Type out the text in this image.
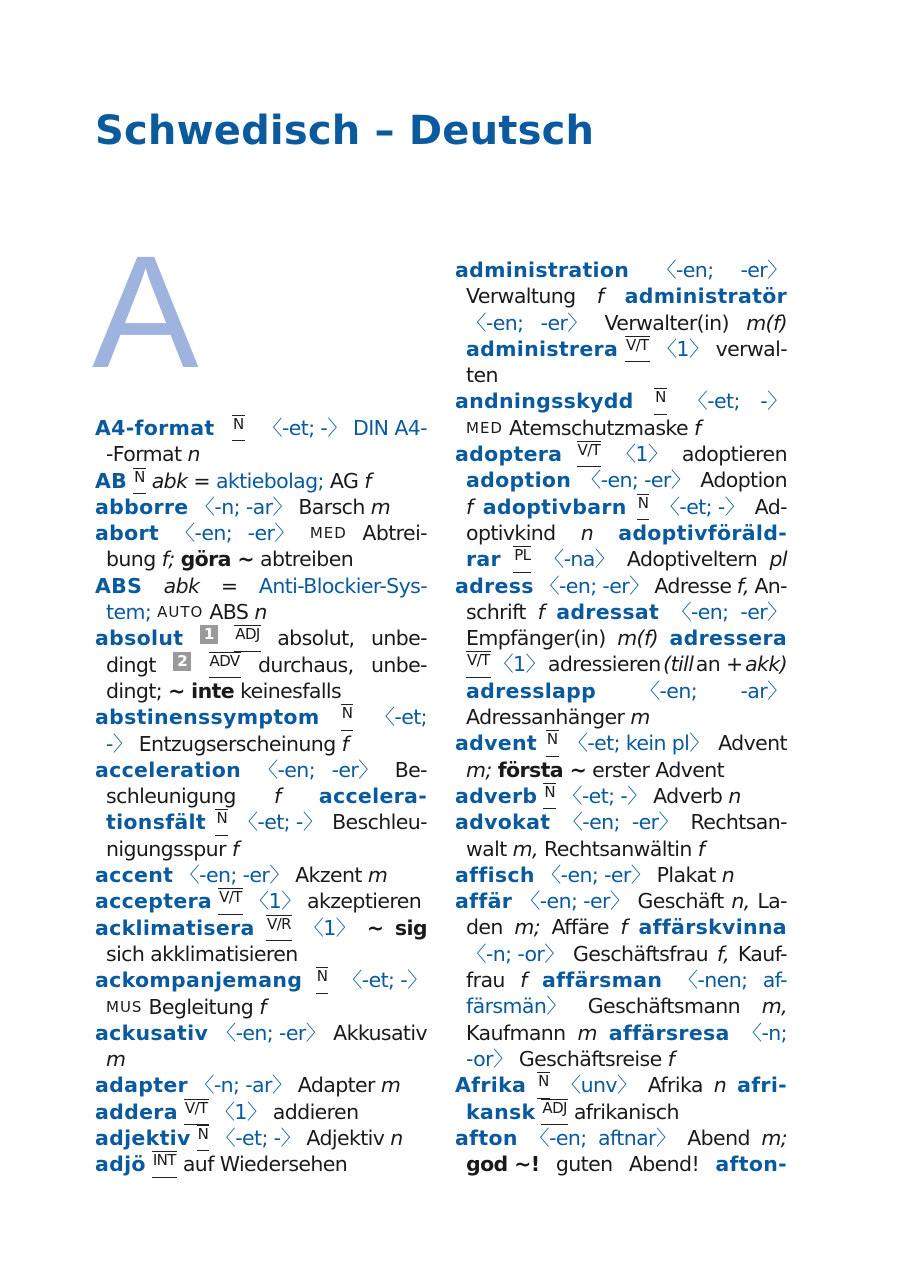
Schwedisch – Deutsch
A
A4-format N 〈-et; -〉 DIN A4-
-Format n
AB N abk = aktiebolag; AG f
abborre 〈-n; -ar〉 Barsch m
abort 〈-en; -er〉 MED Abtrei-
bung f; göra ~ abtreiben
ABS abk = Anti-Blockier-Sys-
tem; AUTO ABS n
absolut 1 ADJ absolut, unbe-
dingt 2 ADV durchaus, unbe-
dingt; ~ inte keinesfalls
abstinenssymptom N 〈-et;
-〉 Entzugserscheinung f
acceleration 〈-en; -er〉 Be-
schleunigung f accelera-
tionsfält N 〈-et; -〉 Beschleu-
nigungsspur f
accent 〈-en; -er〉 Akzent m
acceptera V/T 〈1〉 akzeptieren
acklimatisera V/R 〈1〉 ~ sig
sich akklimatisieren
ackompanjemang N 〈-et; -〉
MUS Begleitung f
ackusativ 〈-en; -er〉 Akkusativ
m
adapter 〈-n; -ar〉 Adapter m
addera V/T 〈1〉 addieren
adjektiv N 〈-et; -〉 Adjektiv n
adjö INT auf Wiedersehen
administration 〈-en; -er〉
Verwaltung f administratör
〈-en; -er〉 Verwalter(in) m(f)
administrera V/T 〈1〉 verwal-
ten
andningsskydd N 〈-et; -〉
MED Atemschutzmaske f
adoptera V/T 〈1〉 adoptieren
adoption 〈-en; -er〉 Adoption
f adoptivbarn N 〈-et; -〉 Ad-
optivkind n adoptivföräld-
rar PL 〈-na〉 Adoptiveltern pl
adress 〈-en; -er〉 Adresse f, An-
schrift f adressat 〈-en; -er〉
Empfänger(in) m(f) adressera
V/T 〈1〉 adressieren (till an + akk)
adresslapp 〈-en; -ar〉
Adressanhänger m
advent N 〈-et; kein pl〉 Advent
m; första ~ erster Advent
adverb N 〈-et; -〉 Adverb n
advokat 〈-en; -er〉 Rechtsan-
walt m, Rechtsanwältin f
affisch 〈-en; -er〉 Plakat n
affär 〈-en; -er〉 Geschäft n, La-
den m; Affäre f affärskvinna
〈-n; -or〉 Geschäftsfrau f, Kauf-
frau f affärsman 〈-nen; af-
färsmän〉 Geschäftsmann m,
Kaufmann m affärsresa 〈-n;
-or〉 Geschäftsreise f
Afrika N 〈unv〉 Afrika n afri-
kansk ADJ afrikanisch
afton 〈-en; aftnar〉 Abend m;
god ~! guten Abend! afton-
